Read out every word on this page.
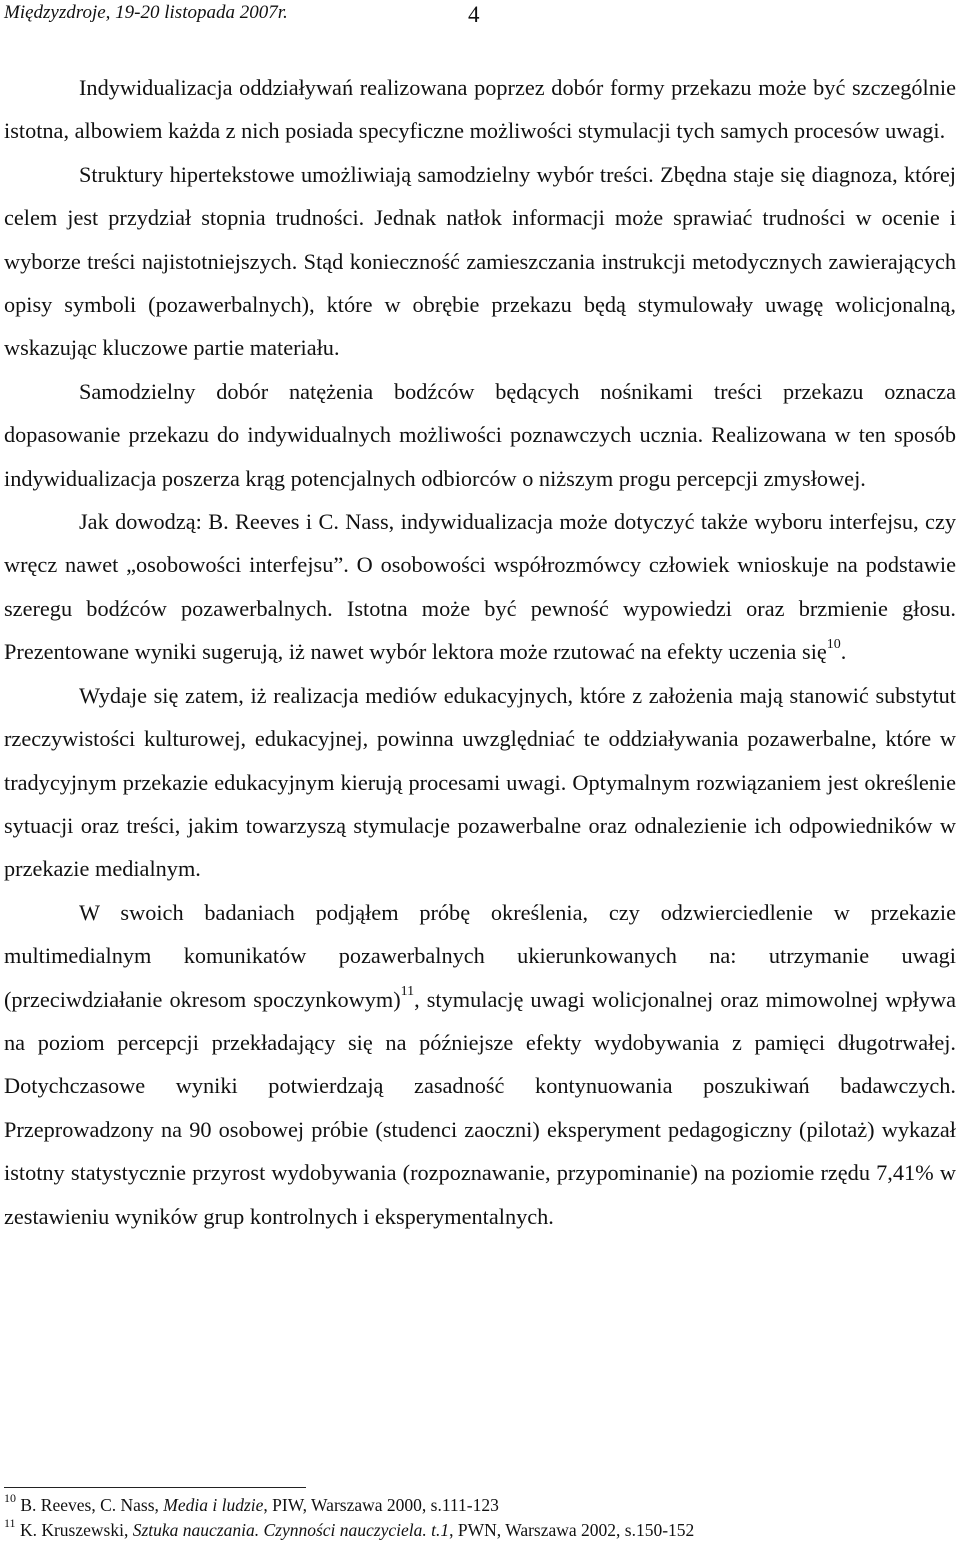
Międzyzdroje, 19-20 listopada 2007r.	4

Indywidualizacja oddziaływań realizowana poprzez dobór formy przekazu może być szczególnie istotna, albowiem każda z nich posiada specyficzne możliwości stymulacji tych samych procesów uwagi.

Struktury hipertekstowe umożliwiają samodzielny wybór treści. Zbędna staje się diagnoza, której celem jest przydział stopnia trudności. Jednak natłok informacji może sprawiać trudności w ocenie i wyborze treści najistotniejszych. Stąd konieczność zamieszczania instrukcji metodycznych zawierających opisy symboli (pozawerbalnych), które w obrębie przekazu będą stymulowały uwagę wolicjonalną, wskazując kluczowe partie materiału.

Samodzielny dobór natężenia bodźców będących nośnikami treści przekazu oznacza dopasowanie przekazu do indywidualnych możliwości poznawczych ucznia. Realizowana w ten sposób indywidualizacja poszerza krąg potencjalnych odbiorców o niższym progu percepcji zmysłowej.

Jak dowodzą: B. Reeves i C. Nass, indywidualizacja może dotyczyć także wyboru interfejsu, czy wręcz nawet „osobowości interfejsu”. O osobowości współrozmówcy człowiek wnioskuje na podstawie szeregu bodźców pozawerbalnych. Istotna może być pewność wypowiedzi oraz brzmienie głosu. Prezentowane wyniki sugerują, iż nawet wybór lektora może rzutować na efekty uczenia się$^{10}$.

Wydaje się zatem, iż realizacja mediów edukacyjnych, które z założenia mają stanowić substytut rzeczywistości kulturowej, edukacyjnej, powinna uwzględniać te oddziaływania pozawerbalne, które w tradycyjnym przekazie edukacyjnym kierują procesami uwagi. Optymalnym rozwiązaniem jest określenie sytuacji oraz treści, jakim towarzyszą stymulacje pozawerbalne oraz odnalezienie ich odpowiedników w przekazie medialnym.

W swoich badaniach podjąłem próbę określenia, czy odzwierciedlenie w przekazie multimedialnym komunikatów pozawerbalnych ukierunkowanych na: utrzymanie uwagi (przeciwdziałanie okresom spoczynkowym)$^{11}$, stymulację uwagi wolicjonalnej oraz mimowolnej wpływa na poziom percepcji przekładający się na późniejsze efekty wydobywania z pamięci długotrwałej. Dotychczasowe wyniki potwierdzają zasadność kontynuowania poszukiwań badawczych. Przeprowadzony na 90 osobowej próbie (studenci zaoczni) eksperyment pedagogiczny (pilotaż) wykazał istotny statystycznie przyrost wydobywania (rozpoznawanie, przypominanie) na poziomie rzędu 7,41% w zestawieniu wyników grup kontrolnych i eksperymentalnych.

$^{10}$ B. Reeves, C. Nass, Media i ludzie, PIW, Warszawa 2000, s.111-123
$^{11}$ K. Kruszewski, Sztuka nauczania. Czynności nauczyciela. t.1, PWN, Warszawa 2002, s.150-152
